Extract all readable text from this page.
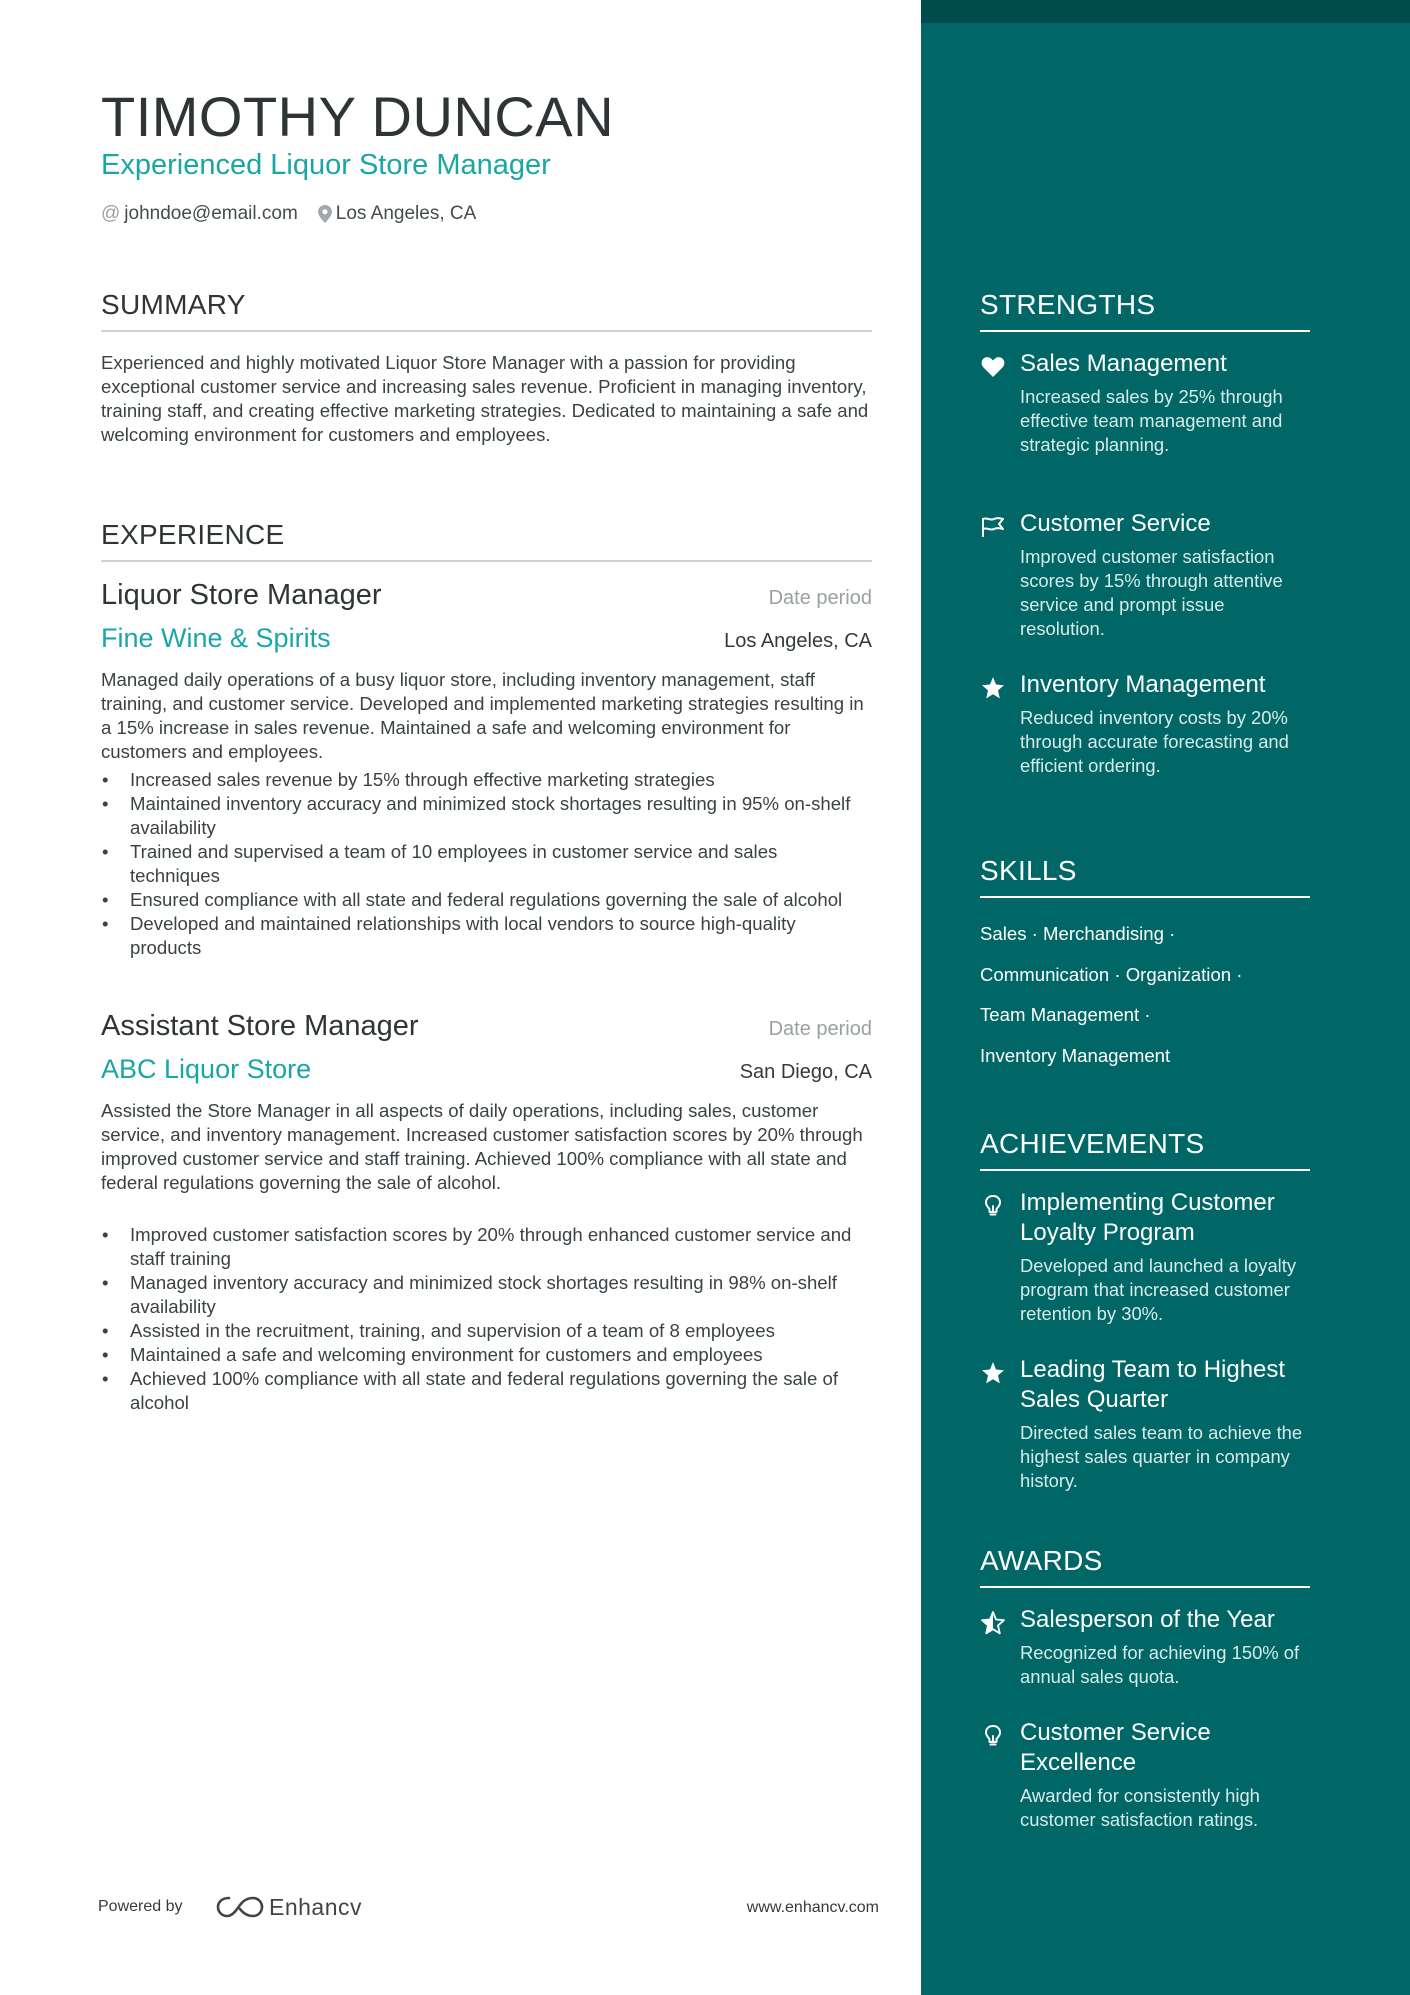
TIMOTHY DUNCAN
Experienced Liquor Store Manager
@ johndoe@email.com Los Angeles, CA
SUMMARY
Experienced and highly motivated Liquor Store Manager with a passion for providing exceptional customer service and increasing sales revenue. Proficient in managing inventory, training staff, and creating effective marketing strategies. Dedicated to maintaining a safe and welcoming environment for customers and employees.
EXPERIENCE
Liquor Store Manager	Date period
Fine Wine & Spirits	Los Angeles, CA
Managed daily operations of a busy liquor store, including inventory management, staff training, and customer service. Developed and implemented marketing strategies resulting in a 15% increase in sales revenue. Maintained a safe and welcoming environment for customers and employees.
• Increased sales revenue by 15% through effective marketing strategies
• Maintained inventory accuracy and minimized stock shortages resulting in 95% on-shelf availability
• Trained and supervised a team of 10 employees in customer service and sales techniques
• Ensured compliance with all state and federal regulations governing the sale of alcohol
• Developed and maintained relationships with local vendors to source high-quality products
Assistant Store Manager	Date period
ABC Liquor Store	San Diego, CA
Assisted the Store Manager in all aspects of daily operations, including sales, customer service, and inventory management. Increased customer satisfaction scores by 20% through improved customer service and staff training. Achieved 100% compliance with all state and federal regulations governing the sale of alcohol.
• Improved customer satisfaction scores by 20% through enhanced customer service and staff training
• Managed inventory accuracy and minimized stock shortages resulting in 98% on-shelf availability
• Assisted in the recruitment, training, and supervision of a team of 8 employees
• Maintained a safe and welcoming environment for customers and employees
• Achieved 100% compliance with all state and federal regulations governing the sale of alcohol
Powered by	Enhancv	www.enhancv.com
STRENGTHS
Sales Management
Increased sales by 25% through effective team management and strategic planning.
Customer Service
Improved customer satisfaction scores by 15% through attentive service and prompt issue resolution.
Inventory Management
Reduced inventory costs by 20% through accurate forecasting and efficient ordering.
SKILLS
Sales · Merchandising ·
Communication · Organization ·
Team Management ·
Inventory Management
ACHIEVEMENTS
Implementing Customer Loyalty Program
Developed and launched a loyalty program that increased customer retention by 30%.
Leading Team to Highest Sales Quarter
Directed sales team to achieve the highest sales quarter in company history.
AWARDS
Salesperson of the Year
Recognized for achieving 150% of annual sales quota.
Customer Service Excellence
Awarded for consistently high customer satisfaction ratings.
